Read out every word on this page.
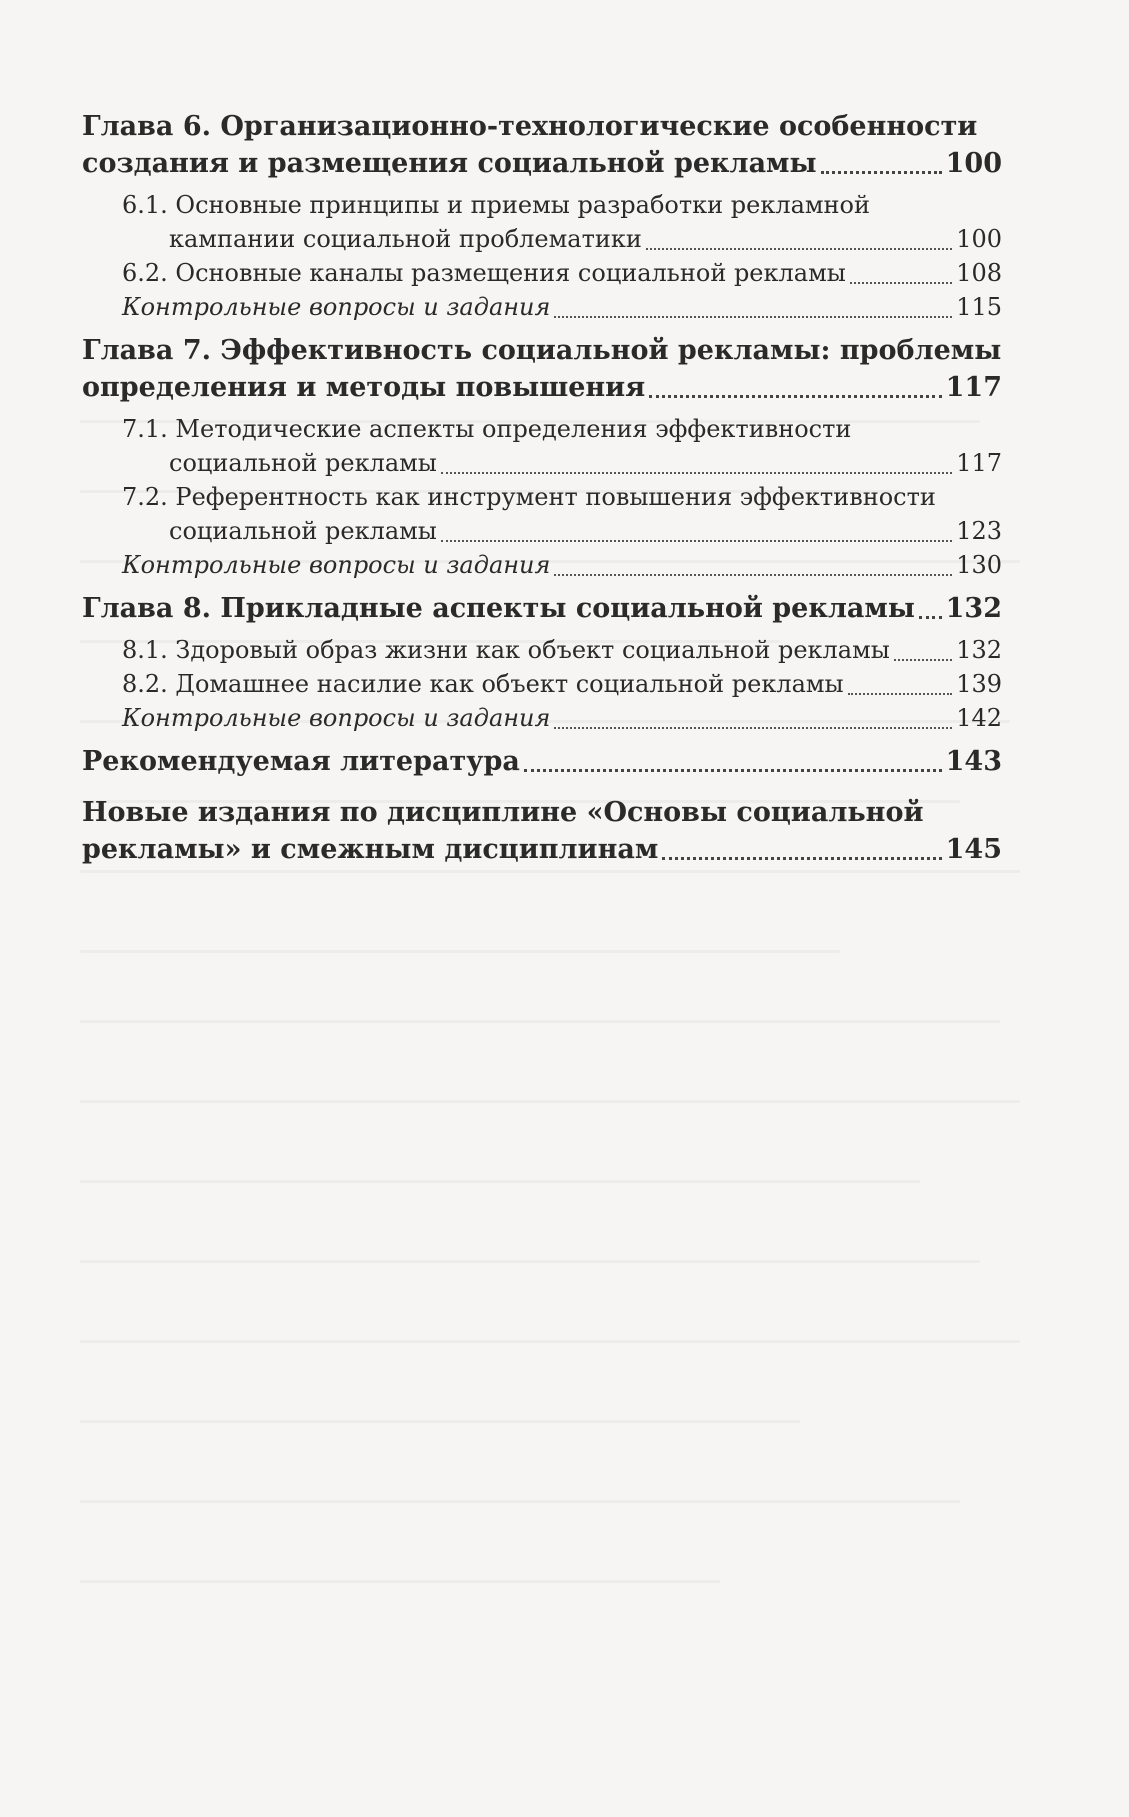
Глава 6. Организационно-технологические особенности
создания и размещения социальной рекламы	100
6.1. Основные принципы и приемы разработки рекламной
кампании социальной проблематики	100
6.2. Основные каналы размещения социальной рекламы	108
Контрольные вопросы и задания	115
Глава 7. Эффективность социальной рекламы: проблемы
определения и методы повышения	117
7.1. Методические аспекты определения эффективности
социальной рекламы	117
7.2. Референтность как инструмент повышения эффективности
социальной рекламы	123
Контрольные вопросы и задания	130
Глава 8. Прикладные аспекты социальной рекламы 132
8.1. Здоровый образ жизни как объект социальной рекламы	132
8.2. Домашнее насилие как объект социальной рекламы	139
Контрольные вопросы и задания	142
Рекомендуемая литература	143
Новые издания по дисциплине «Основы социальной
рекламы» и смежным дисциплинам	145
